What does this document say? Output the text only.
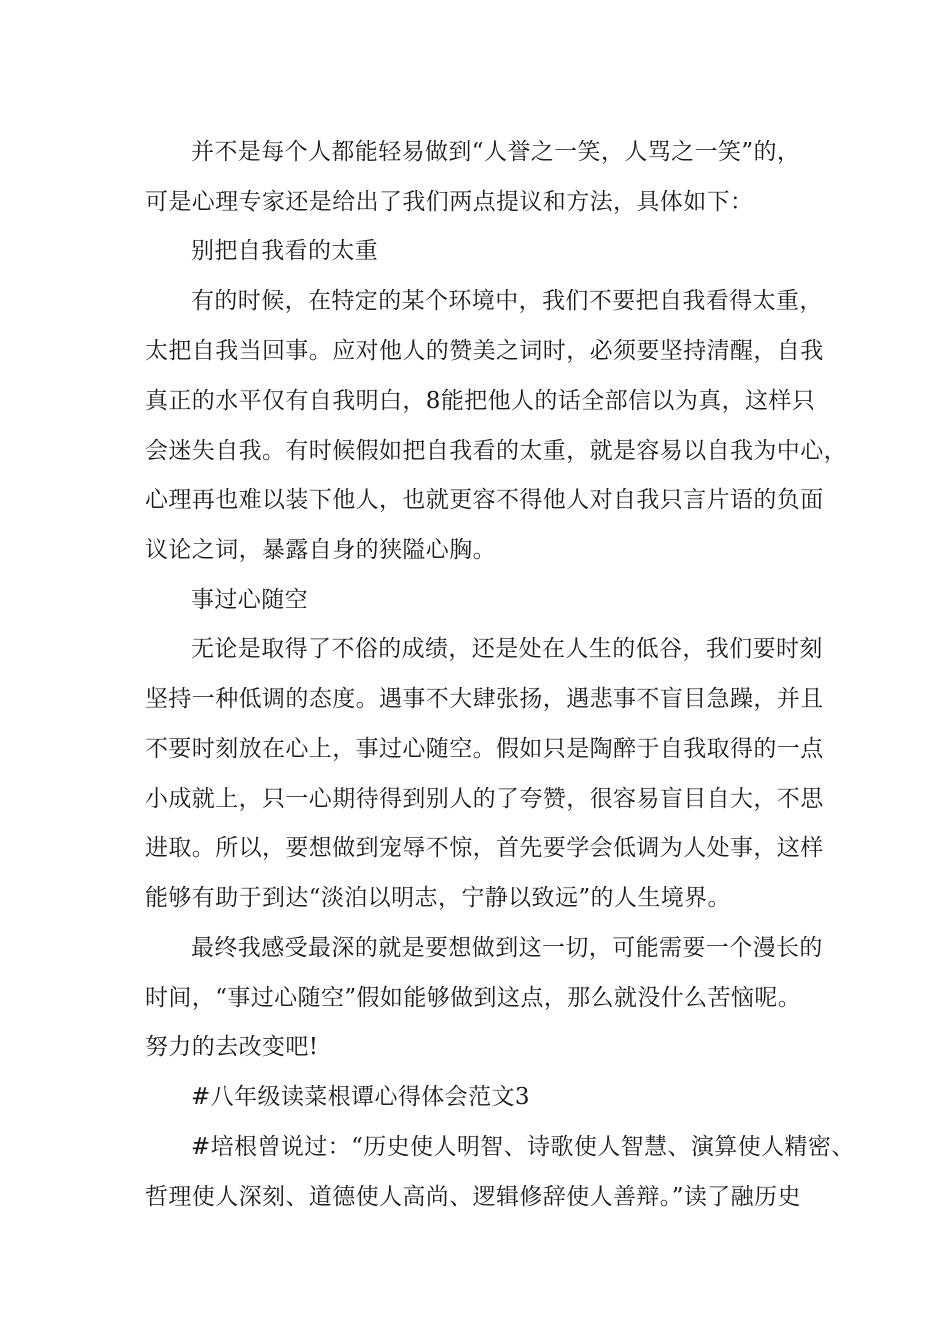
并不是每个人都能轻易做到“人誉之一笑，人骂之一笑”的，
可是心理专家还是给出了我们两点提议和方法，具体如下：
别把自我看的太重
有的时候，在特定的某个环境中，我们不要把自我看得太重，
太把自我当回事。应对他人的赞美之词时，必须要坚持清醒，自我
真正的水平仅有自我明白，8能把他人的话全部信以为真，这样只
会迷失自我。有时候假如把自我看的太重，就是容易以自我为中心，
心理再也难以装下他人，也就更容不得他人对自我只言片语的负面
议论之词，暴露自身的狭隘心胸。
事过心随空
无论是取得了不俗的成绩，还是处在人生的低谷，我们要时刻
坚持一种低调的态度。遇事不大肆张扬，遇悲事不盲目急躁，并且
不要时刻放在心上，事过心随空。假如只是陶醉于自我取得的一点
小成就上，只一心期待得到别人的了夸赞，很容易盲目自大，不思
进取。所以，要想做到宠辱不惊，首先要学会低调为人处事，这样
能够有助于到达“淡泊以明志，宁静以致远”的人生境界。
最终我感受最深的就是要想做到这一切，可能需要一个漫长的
时间，“事过心随空”假如能够做到这点，那么就没什么苦恼呢。
努力的去改变吧!
#八年级读菜根谭心得体会范文3
#培根曾说过：“历史使人明智、诗歌使人智慧、演算使人精密、
哲理使人深刻、道德使人高尚、逻辑修辞使人善辩。”读了融历史
